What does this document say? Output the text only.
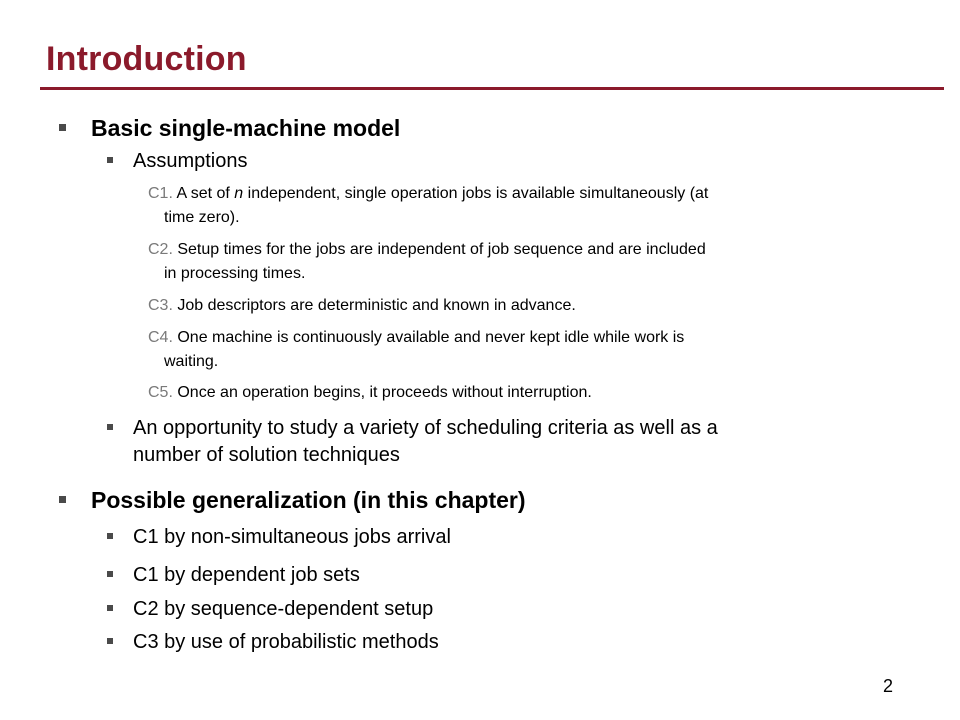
Introduction
Basic single-machine model
Assumptions
C1. A set of n independent, single operation jobs is available simultaneously (at
time zero).
C2. Setup times for the jobs are independent of job sequence and are included
in processing times.
C3. Job descriptors are deterministic and known in advance.
C4. One machine is continuously available and never kept idle while work is
waiting.
C5. Once an operation begins, it proceeds without interruption.
An opportunity to study a variety of scheduling criteria as well as a
number of solution techniques
Possible generalization (in this chapter)
C1 by non-simultaneous jobs arrival
C1 by dependent job sets
C2 by sequence-dependent setup
C3 by use of probabilistic methods
2
